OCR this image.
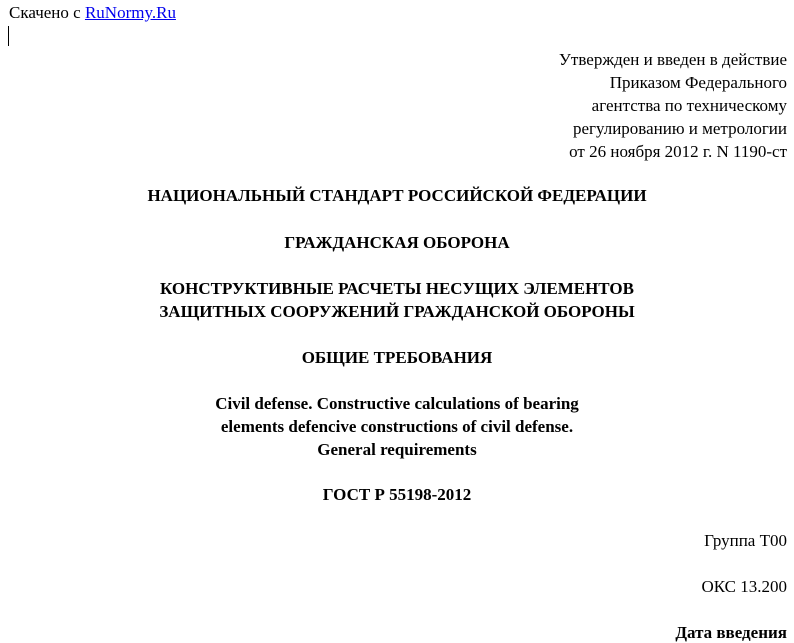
Скачено с RuNormy.Ru
Утвержден и введен в действие
Приказом Федерального
агентства по техническому
регулированию и метрологии
от 26 ноября 2012 г. N 1190-ст
НАЦИОНАЛЬНЫЙ СТАНДАРТ РОССИЙСКОЙ ФЕДЕРАЦИИ
ГРАЖДАНСКАЯ ОБОРОНА
КОНСТРУКТИВНЫЕ РАСЧЕТЫ НЕСУЩИХ ЭЛЕМЕНТОВ
ЗАЩИТНЫХ СООРУЖЕНИЙ ГРАЖДАНСКОЙ ОБОРОНЫ
ОБЩИЕ ТРЕБОВАНИЯ
Civil defense. Constructive calculations of bearing
elements defencive constructions of civil defense.
General requirements
ГОСТ Р 55198-2012
Группа Т00
ОКС 13.200
Дата введения
